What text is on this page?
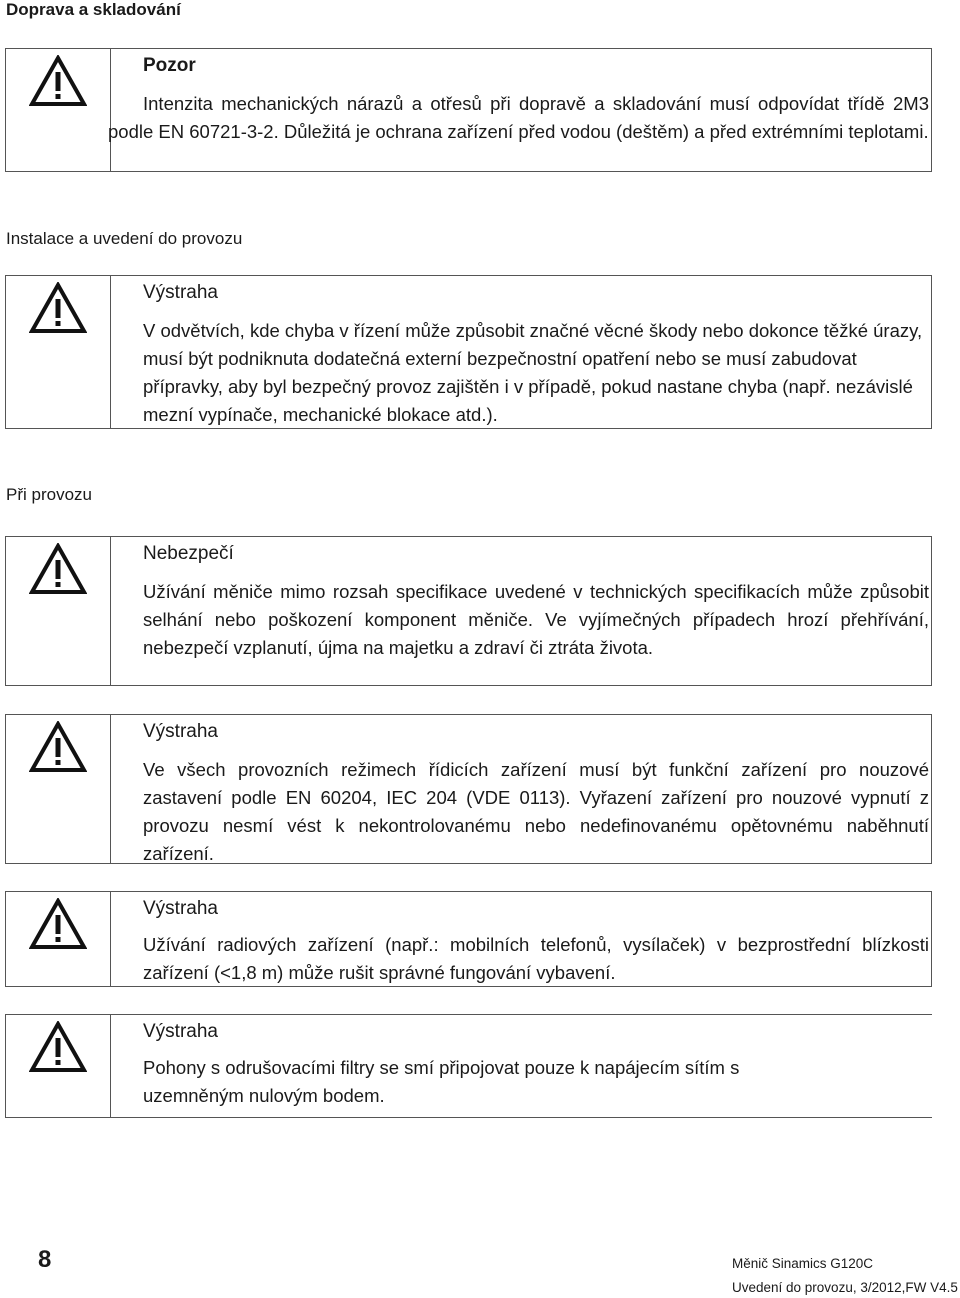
Doprava a skladování
Pozor
Intenzita mechanických nárazů a otřesů při dopravě a skladování musí odpovídat třídě 2M3 podle EN 60721-3-2. Důležitá je ochrana zařízení před vodou (deštěm) a před extrémními teplotami.
Instalace a uvedení do provozu
Výstraha
V odvětvích, kde chyba v řízení může způsobit značné věcné škody nebo dokonce těžké úrazy, musí být podniknuta dodatečná externí bezpečnostní opatření nebo se musí zabudovat přípravky, aby byl bezpečný provoz zajištěn i v případě, pokud nastane chyba (např. nezávislé mezní vypínače, mechanické blokace atd.).
Při provozu
Nebezpečí
Užívání měniče mimo rozsah specifikace uvedené v technických specifikacích může způsobit selhání nebo poškození komponent měniče. Ve vyjímečných případech hrozí přehřívání, nebezpečí vzplanutí, újma na majetku a zdraví či ztráta života.
Výstraha
Ve všech provozních režimech řídicích zařízení musí být funkční zařízení pro nouzové zastavení podle EN 60204, IEC 204 (VDE 0113). Vyřazení zařízení pro nouzové vypnutí z provozu nesmí vést k nekontrolovanému nebo nedefinovanému opětovnému naběhnutí zařízení.
Výstraha
Užívání radiových zařízení (např.: mobilních telefonů, vysílaček) v bezprostřední blízkosti zařízení (<1,8 m) může rušit správné fungování vybavení.
Výstraha
Pohony s odrušovacími filtry se smí připojovat pouze k napájecím sítím s uzemněným nulovým bodem.
8	Měnič Sinamics G120C
Uvedení do provozu, 3/2012,FW V4.5
